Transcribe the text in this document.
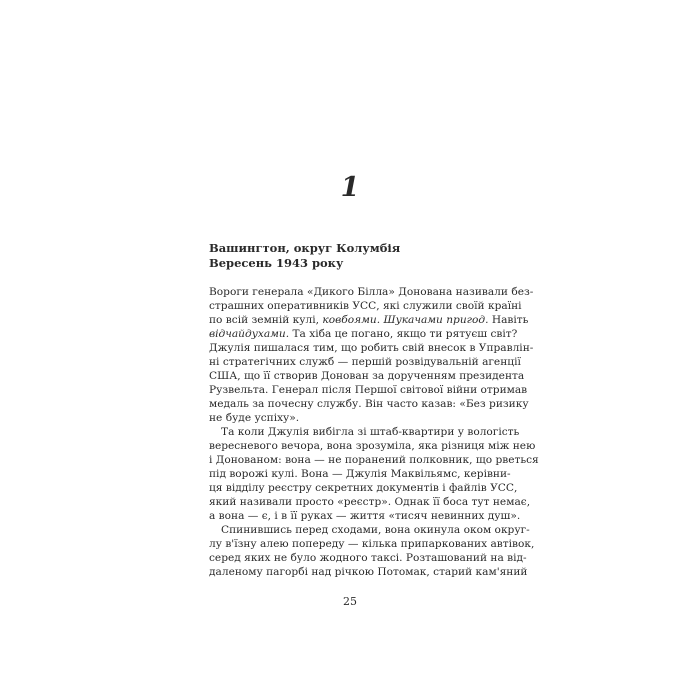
1
Вашингтон, округ Колумбія
Вересень 1943 року
Вороги генерала «Дикого Білла» Донована називали без-
страшних оперативників УСС, які служили своїй країні
по всій земній кулі, ковбоями. Шукачами пригод. Навіть
відчайдухами. Та хіба це погано, якщо ти рятуєш світ?
Джулія пишалася тим, що робить свій внесок в Управлін-
ні стратегічних служб — першій розвідувальній агенції
США, що її створив Донован за дорученням президента
Рузвельта. Генерал після Першої світової війни отримав
медаль за почесну службу. Він часто казав: «Без ризику
не буде успіху».
Та коли Джулія вибігла зі штаб-квартири у вологість
вересневого вечора, вона зрозуміла, яка різниця між нею
і Донованом: вона — не поранений полковник, що рветься
під ворожі кулі. Вона — Джулія Маквільямс, керівни-
ця відділу реєстру секретних документів і файлів УСС,
який називали просто «реєстр». Однак її боса тут немає,
а вона — є, і в її руках — життя «тисяч невинних душ».
Спинившись перед сходами, вона окинула оком округ-
лу в'їзну алею попереду — кілька припаркованих автівок,
серед яких не було жодного таксі. Розташований на від-
даленому пагорбі над річкою Потомак, старий кам'яний
25
